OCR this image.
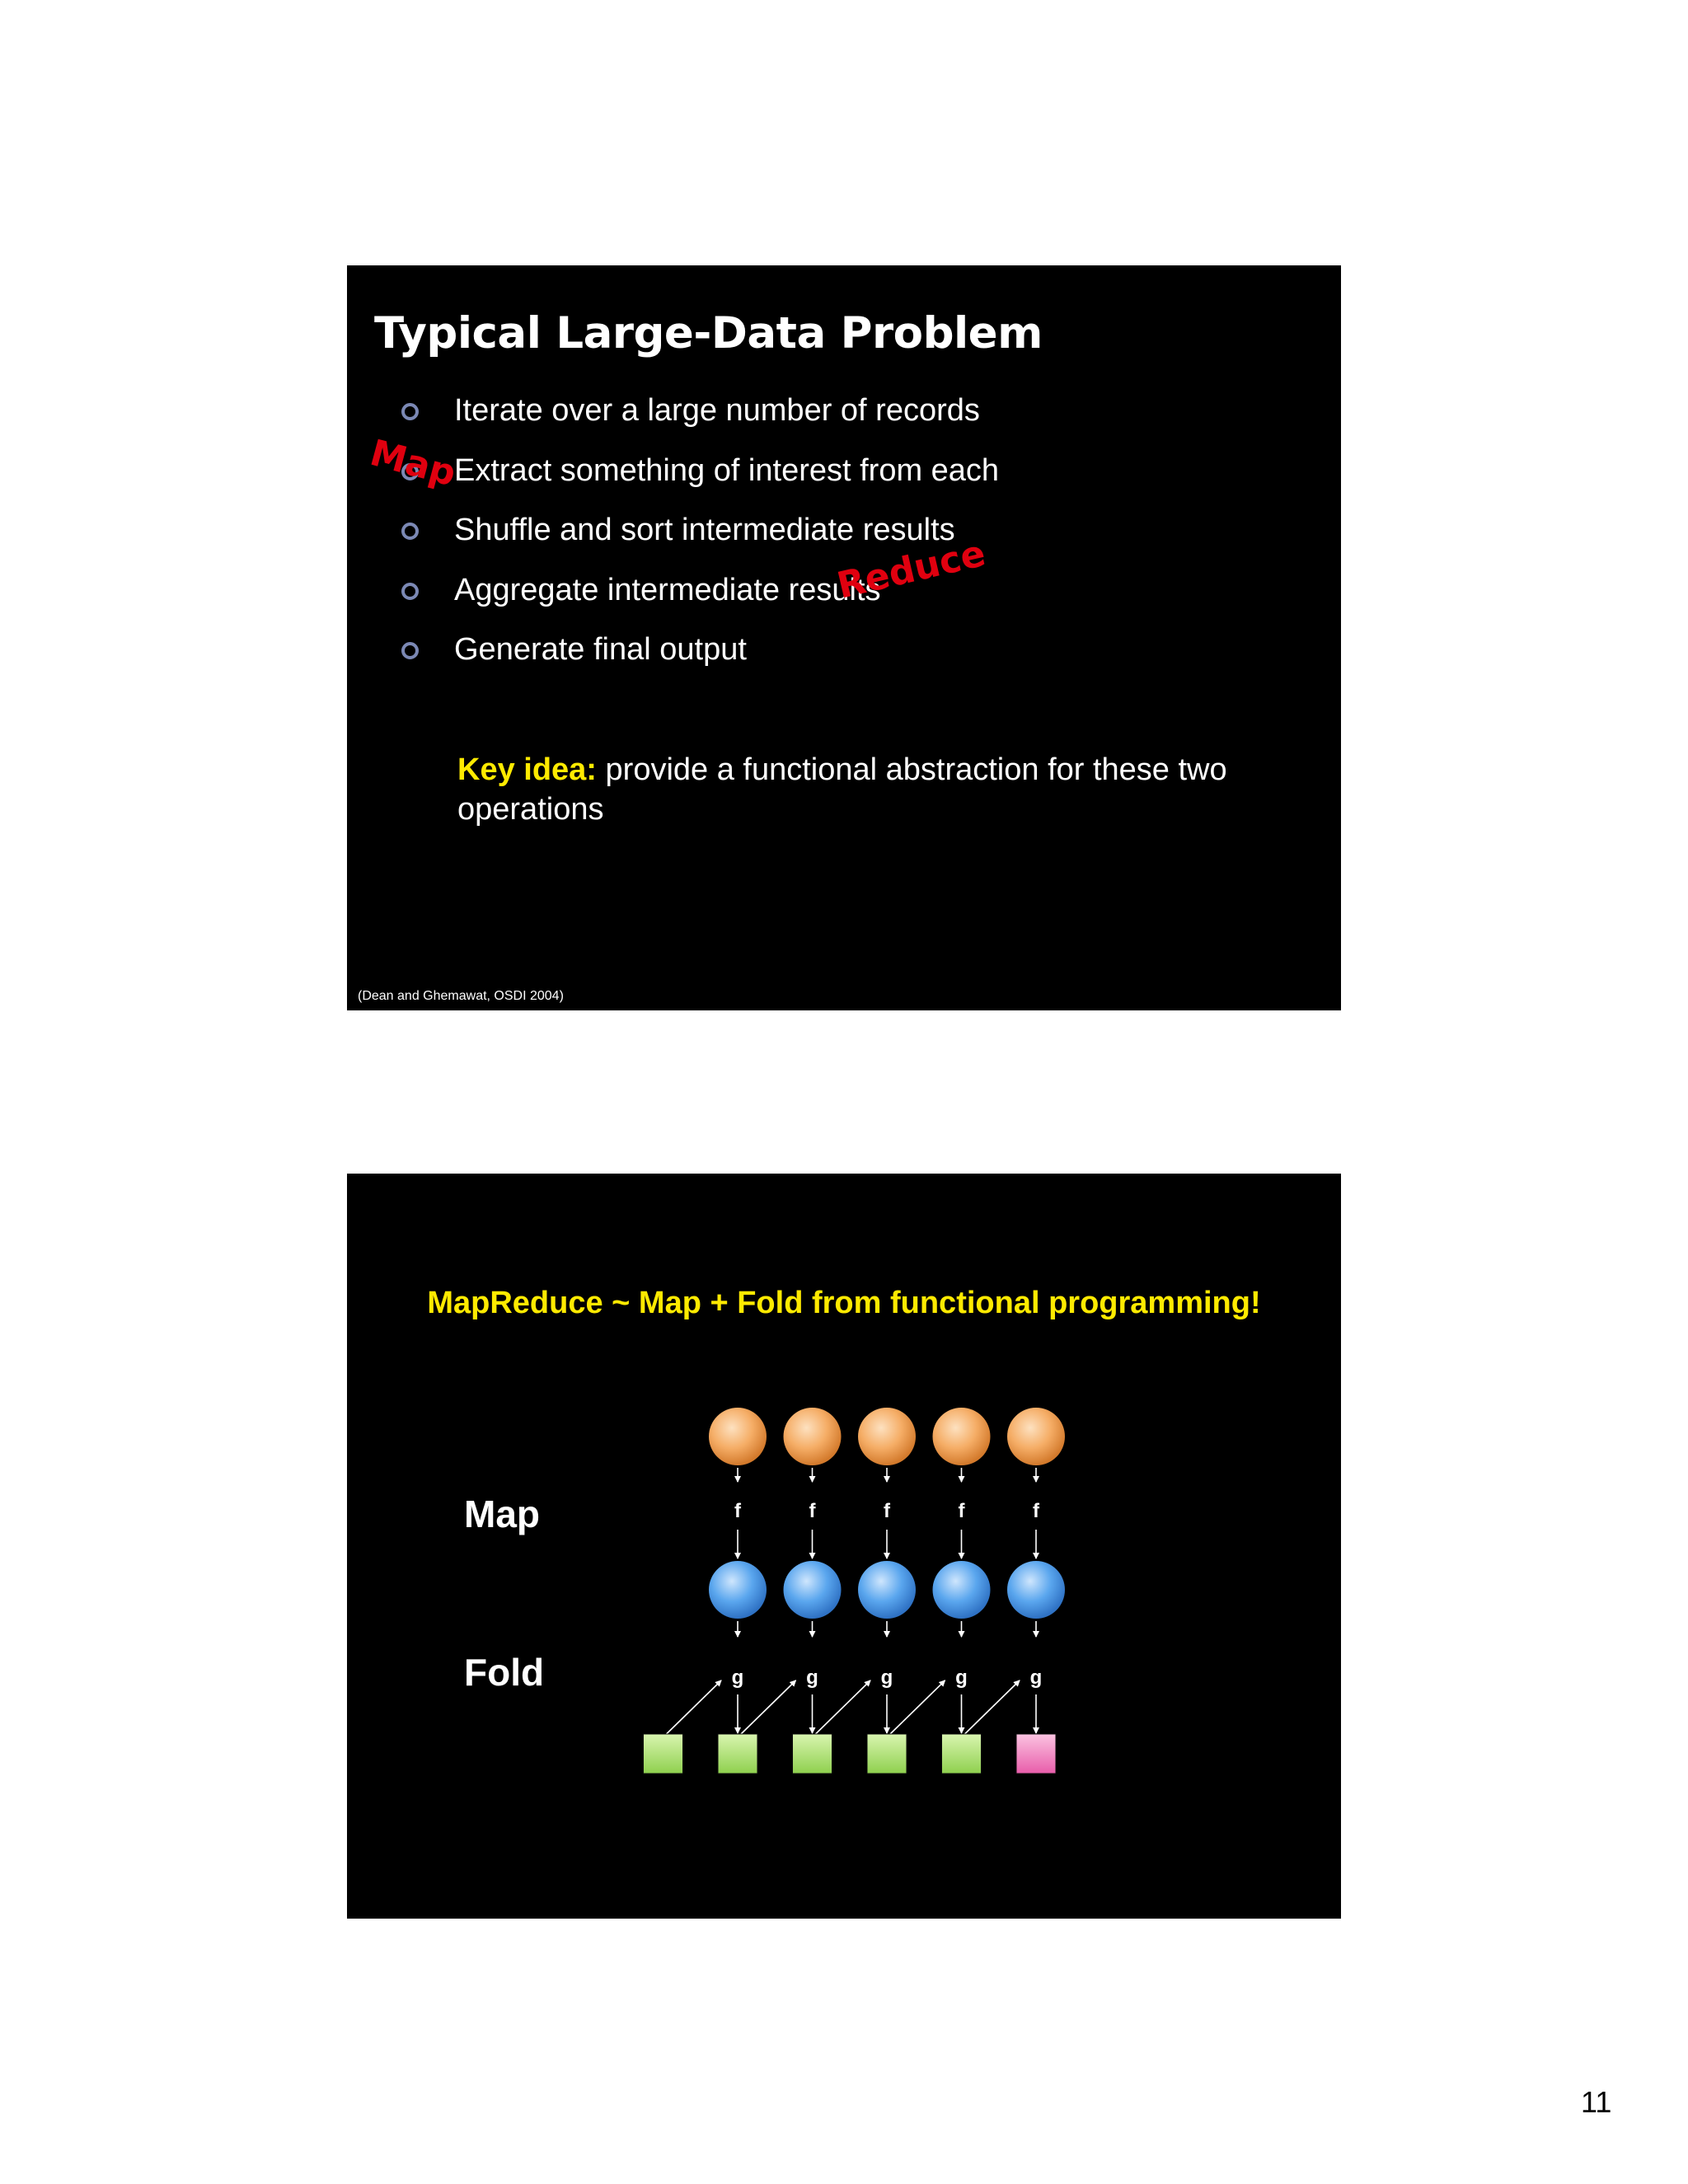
Typical Large-Data Problem
Iterate over a large number of records
Extract something of interest from each
Shuffle and sort intermediate results
Aggregate intermediate results
Generate final output
Map
Reduce

Key idea: provide a functional abstraction for these two operations

(Dean and Ghemawat, OSDI 2004)

MapReduce ~ Map + Fold from functional programming!

Map

Fold

f
g
f
g
f
g
f
g
f
g

11
